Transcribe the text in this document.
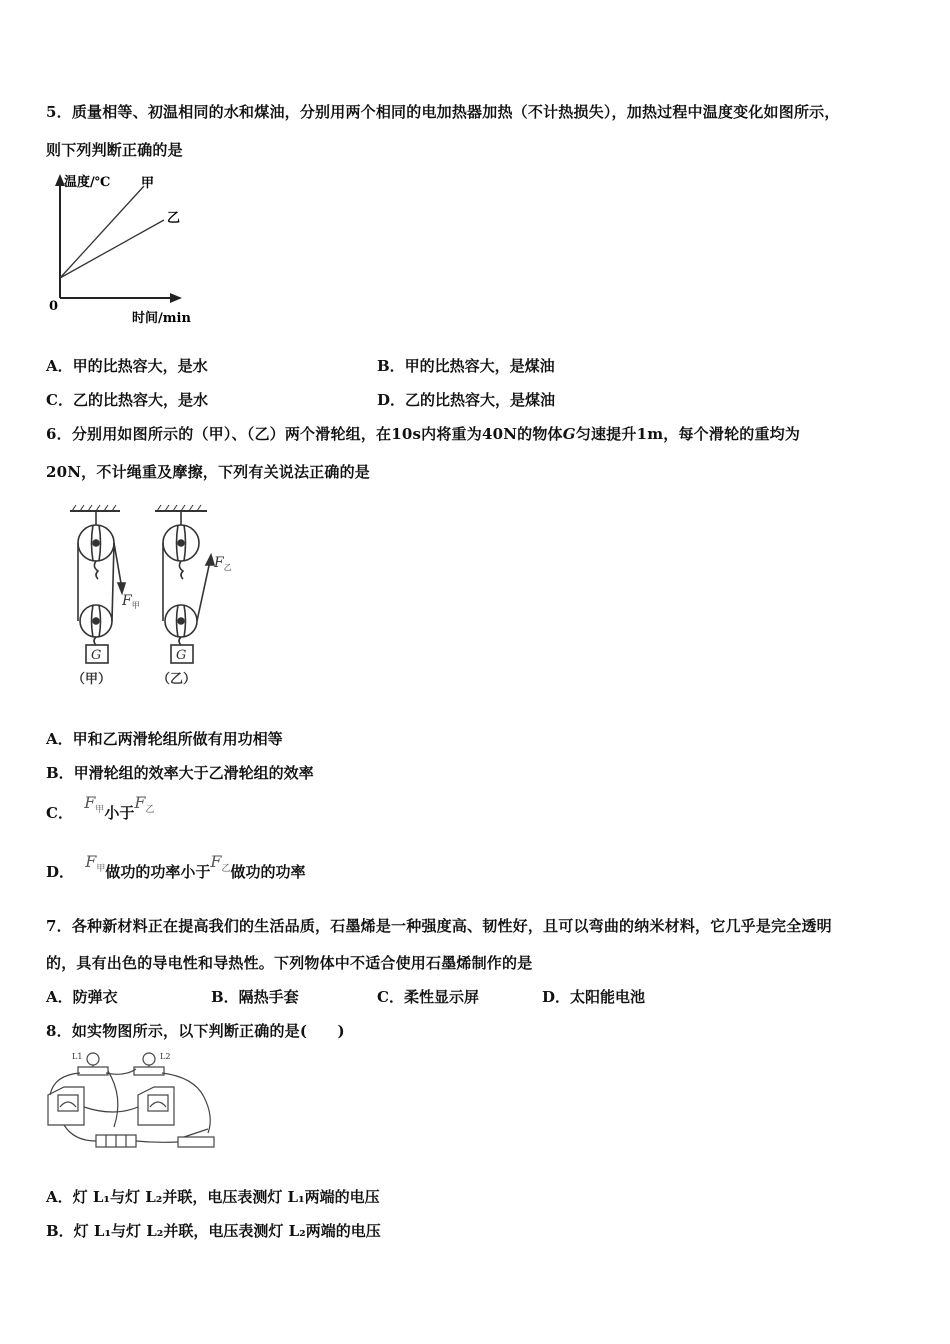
5．质量相等、初温相同的水和煤油，分别用两个相同的电加热器加热（不计热损失），加热过程中温度变化如图所示，
则下列判断正确的是
温度/℃ 甲
乙
0
时间/min
A．甲的比热容大，是水	B．甲的比热容大，是煤油
C．乙的比热容大，是水	D．乙的比热容大，是煤油
6．分别用如图所示的（甲）、（乙）两个滑轮组，在10s内将重为40N的物体G匀速提升1m，每个滑轮的重均为
20N，不计绳重及摩擦，下列有关说法正确的是
G
$F_甲$
（甲）
G
$F_乙$
（乙）
A．甲和乙两滑轮组所做有用功相等
B．甲滑轮组的效率大于乙滑轮组的效率
C． $F_甲$小于$F_乙$
D． $F_甲$做功的功率小于$F_乙$做功的功率
7．各种新材料正在提高我们的生活品质，石墨烯是一种强度高、韧性好，且可以弯曲的纳米材料，它几乎是完全透明
的，具有出色的导电性和导热性。下列物体中不适合使用石墨烯制作的是
A．防弹衣	B．隔热手套	C．柔性显示屏	D．太阳能电池
8．如实物图所示，以下判断正确的是(　　)
L1	L2
A．灯 L₁与灯 L₂并联，电压表测灯 L₁两端的电压
B．灯 L₁与灯 L₂并联，电压表测灯 L₂两端的电压
